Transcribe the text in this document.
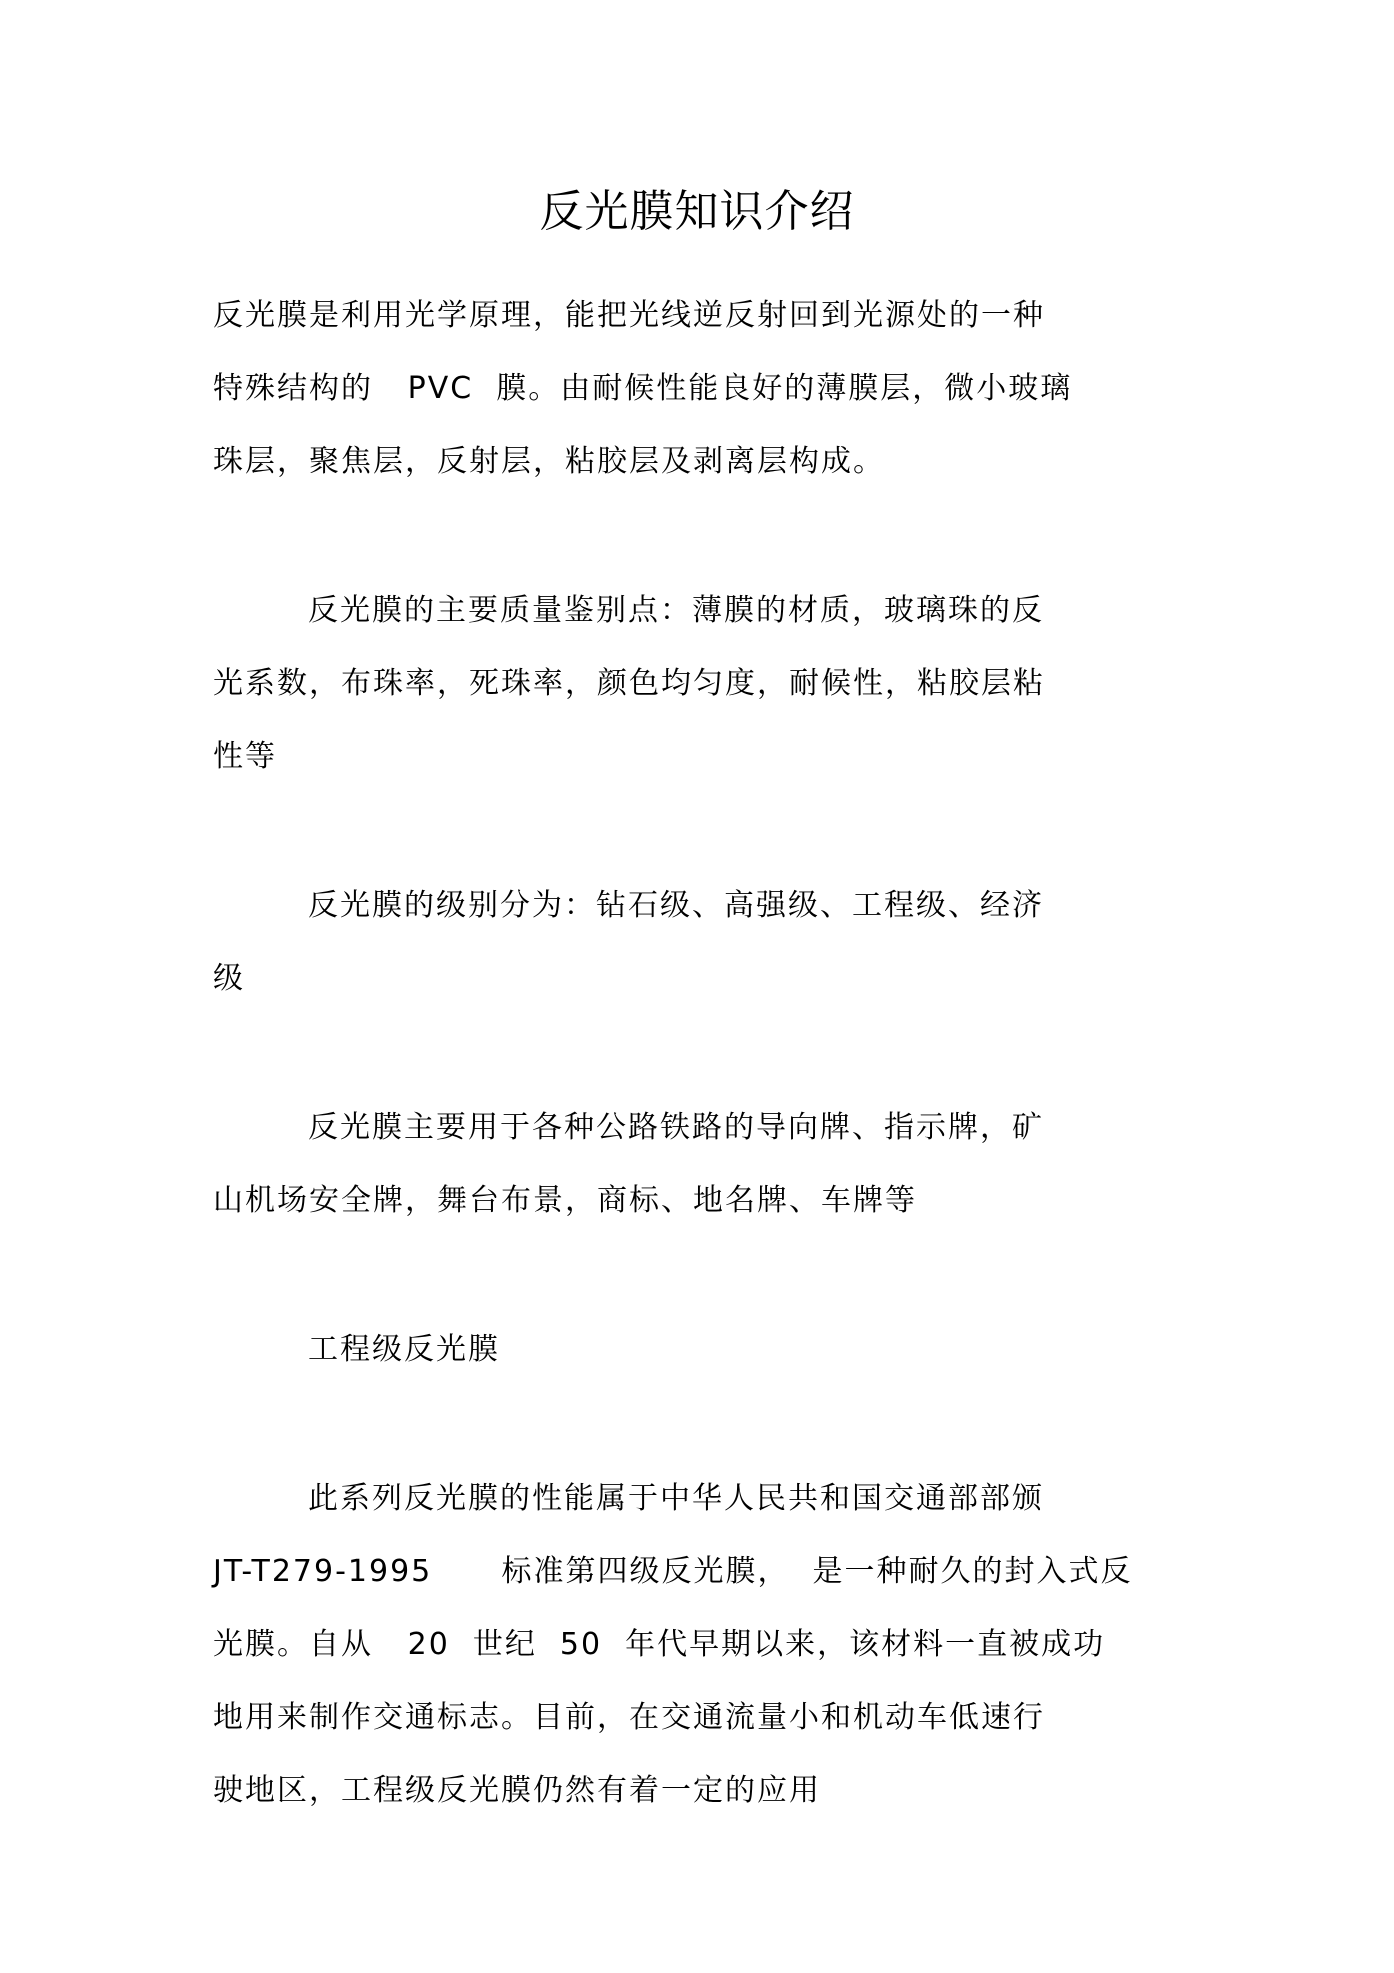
反光膜知识介绍
反光膜是利用光学原理，能把光线逆反射回到光源处的一种
特殊结构的   PVC  膜。由耐候性能良好的薄膜层，微小玻璃
珠层，聚焦层，反射层，粘胶层及剥离层构成。
反光膜的主要质量鉴别点：薄膜的材质，玻璃珠的反
光系数，布珠率，死珠率，颜色均匀度，耐候性，粘胶层粘
性等
反光膜的级别分为：钻石级、高强级、工程级、经济
级
反光膜主要用于各种公路铁路的导向牌、指示牌，矿
山机场安全牌，舞台布景，商标、地名牌、车牌等
工程级反光膜
此系列反光膜的性能属于中华人民共和国交通部部颁
JT-T279-1995      标准第四级反光膜，  是一种耐久的封入式反
光膜。自从   20  世纪  50  年代早期以来，该材料一直被成功
地用来制作交通标志。目前，在交通流量小和机动车低速行
驶地区，工程级反光膜仍然有着一定的应用
